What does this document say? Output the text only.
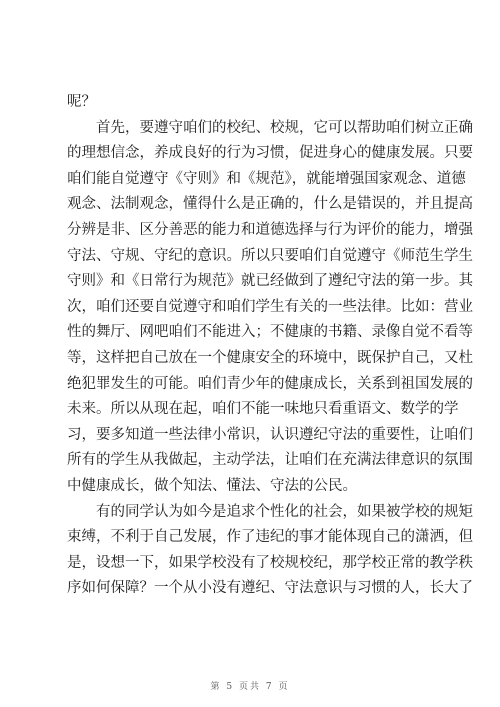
呢？
首先，要遵守咱们的校纪、校规，它可以帮助咱们树立正确
的理想信念，养成良好的行为习惯，促进身心的健康发展。只要
咱们能自觉遵守《守则》和《规范》，就能增强国家观念、道德
观念、法制观念，懂得什么是正确的，什么是错误的，并且提高
分辨是非、区分善恶的能力和道德选择与行为评价的能力，增强
守法、守规、守纪的意识。所以只要咱们自觉遵守《师范生学生
守则》和《日常行为规范》就已经做到了遵纪守法的第一步。其
次，咱们还要自觉遵守和咱们学生有关的一些法律。比如：营业
性的舞厅、网吧咱们不能进入；不健康的书籍、录像自觉不看等
等，这样把自己放在一个健康安全的环境中，既保护自己，又杜
绝犯罪发生的可能。咱们青少年的健康成长，关系到祖国发展的
未来。所以从现在起，咱们不能一味地只看重语文、数学的学
习，要多知道一些法律小常识，认识遵纪守法的重要性，让咱们
所有的学生从我做起，主动学法，让咱们在充满法律意识的氛围
中健康成长，做个知法、懂法、守法的公民。
有的同学认为如今是追求个性化的社会，如果被学校的规矩
束缚，不利于自己发展，作了违纪的事才能体现自己的潇洒，但
是，设想一下，如果学校没有了校规校纪，那学校正常的教学秩
序如何保障？一个从小没有遵纪、守法意识与习惯的人，长大了
第 5 页共 7 页
